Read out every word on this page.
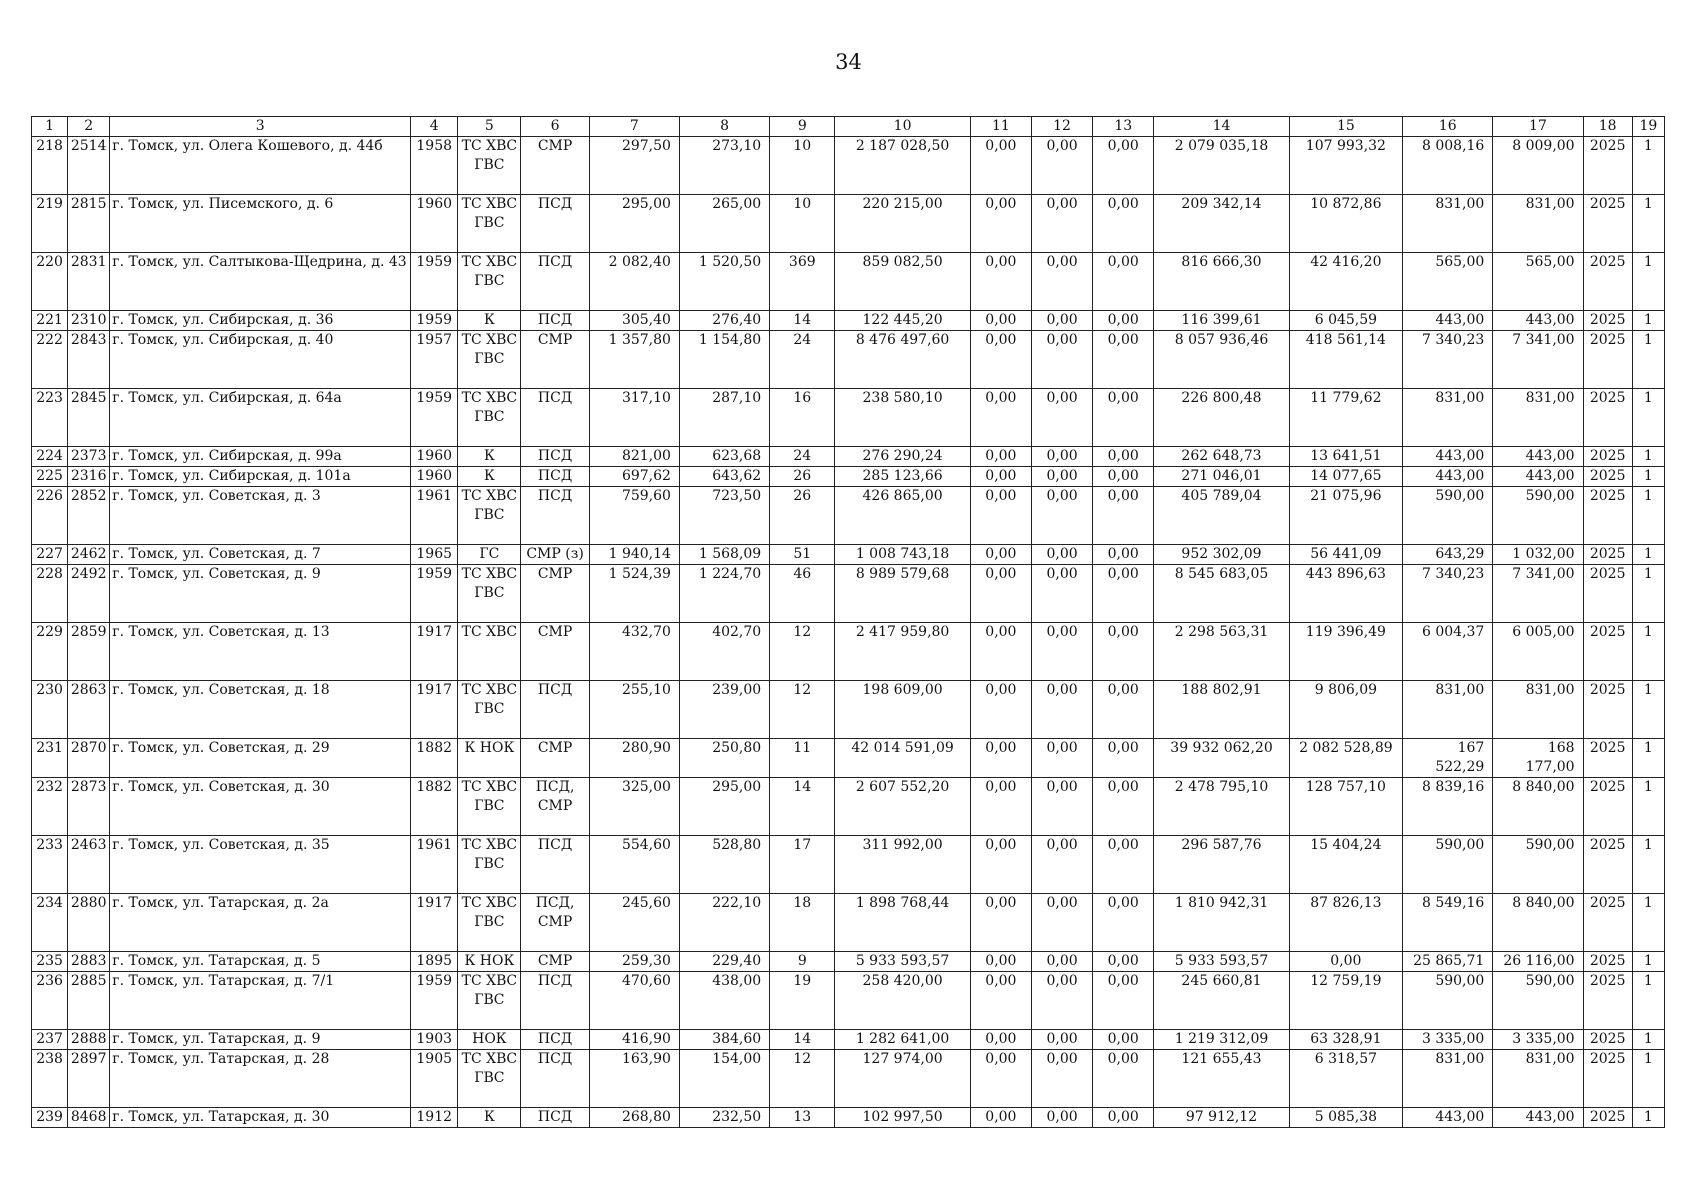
34
1	2	3	4	5	6	7	8	9	10	11	12	13	14	15	16	17	18	19
218	2514	г. Томск, ул. Олега Кошевого, д. 44б	1958	ТС ХВС ГВС	СМР	297,50	273,10	10	2 187 028,50	0,00	0,00	0,00	2 079 035,18	107 993,32	8 008,16	8 009,00	2025	1
219	2815	г. Томск, ул. Писемского, д. 6	1960	ТС ХВС ГВС	ПСД	295,00	265,00	10	220 215,00	0,00	0,00	0,00	209 342,14	10 872,86	831,00	831,00	2025	1
220	2831	г. Томск, ул. Салтыкова-Щедрина, д. 43	1959	ТС ХВС ГВС	ПСД	2 082,40	1 520,50	369	859 082,50	0,00	0,00	0,00	816 666,30	42 416,20	565,00	565,00	2025	1
221	2310	г. Томск, ул. Сибирская, д. 36	1959	К	ПСД	305,40	276,40	14	122 445,20	0,00	0,00	0,00	116 399,61	6 045,59	443,00	443,00	2025	1
222	2843	г. Томск, ул. Сибирская, д. 40	1957	ТС ХВС ГВС	СМР	1 357,80	1 154,80	24	8 476 497,60	0,00	0,00	0,00	8 057 936,46	418 561,14	7 340,23	7 341,00	2025	1
223	2845	г. Томск, ул. Сибирская, д. 64а	1959	ТС ХВС ГВС	ПСД	317,10	287,10	16	238 580,10	0,00	0,00	0,00	226 800,48	11 779,62	831,00	831,00	2025	1
224	2373	г. Томск, ул. Сибирская, д. 99а	1960	К	ПСД	821,00	623,68	24	276 290,24	0,00	0,00	0,00	262 648,73	13 641,51	443,00	443,00	2025	1
225	2316	г. Томск, ул. Сибирская, д. 101а	1960	К	ПСД	697,62	643,62	26	285 123,66	0,00	0,00	0,00	271 046,01	14 077,65	443,00	443,00	2025	1
226	2852	г. Томск, ул. Советская, д. 3	1961	ТС ХВС ГВС	ПСД	759,60	723,50	26	426 865,00	0,00	0,00	0,00	405 789,04	21 075,96	590,00	590,00	2025	1
227	2462	г. Томск, ул. Советская, д. 7	1965	ГС	СМР (з)	1 940,14	1 568,09	51	1 008 743,18	0,00	0,00	0,00	952 302,09	56 441,09	643,29	1 032,00	2025	1
228	2492	г. Томск, ул. Советская, д. 9	1959	ТС ХВС ГВС	СМР	1 524,39	1 224,70	46	8 989 579,68	0,00	0,00	0,00	8 545 683,05	443 896,63	7 340,23	7 341,00	2025	1
229	2859	г. Томск, ул. Советская, д. 13	1917	ТС ХВС	СМР	432,70	402,70	12	2 417 959,80	0,00	0,00	0,00	2 298 563,31	119 396,49	6 004,37	6 005,00	2025	1
230	2863	г. Томск, ул. Советская, д. 18	1917	ТС ХВС ГВС	ПСД	255,10	239,00	12	198 609,00	0,00	0,00	0,00	188 802,91	9 806,09	831,00	831,00	2025	1
231	2870	г. Томск, ул. Советская, д. 29	1882	К НОК	СМР	280,90	250,80	11	42 014 591,09	0,00	0,00	0,00	39 932 062,20	2 082 528,89	167 522,29	168 177,00	2025	1
232	2873	г. Томск, ул. Советская, д. 30	1882	ТС ХВС ГВС	ПСД, СМР	325,00	295,00	14	2 607 552,20	0,00	0,00	0,00	2 478 795,10	128 757,10	8 839,16	8 840,00	2025	1
233	2463	г. Томск, ул. Советская, д. 35	1961	ТС ХВС ГВС	ПСД	554,60	528,80	17	311 992,00	0,00	0,00	0,00	296 587,76	15 404,24	590,00	590,00	2025	1
234	2880	г. Томск, ул. Татарская, д. 2а	1917	ТС ХВС ГВС	ПСД, СМР	245,60	222,10	18	1 898 768,44	0,00	0,00	0,00	1 810 942,31	87 826,13	8 549,16	8 840,00	2025	1
235	2883	г. Томск, ул. Татарская, д. 5	1895	К НОК	СМР	259,30	229,40	9	5 933 593,57	0,00	0,00	0,00	5 933 593,57	0,00	25 865,71	26 116,00	2025	1
236	2885	г. Томск, ул. Татарская, д. 7/1	1959	ТС ХВС ГВС	ПСД	470,60	438,00	19	258 420,00	0,00	0,00	0,00	245 660,81	12 759,19	590,00	590,00	2025	1
237	2888	г. Томск, ул. Татарская, д. 9	1903	НОК	ПСД	416,90	384,60	14	1 282 641,00	0,00	0,00	0,00	1 219 312,09	63 328,91	3 335,00	3 335,00	2025	1
238	2897	г. Томск, ул. Татарская, д. 28	1905	ТС ХВС ГВС	ПСД	163,90	154,00	12	127 974,00	0,00	0,00	0,00	121 655,43	6 318,57	831,00	831,00	2025	1
239	8468	г. Томск, ул. Татарская, д. 30	1912	К	ПСД	268,80	232,50	13	102 997,50	0,00	0,00	0,00	97 912,12	5 085,38	443,00	443,00	2025	1
